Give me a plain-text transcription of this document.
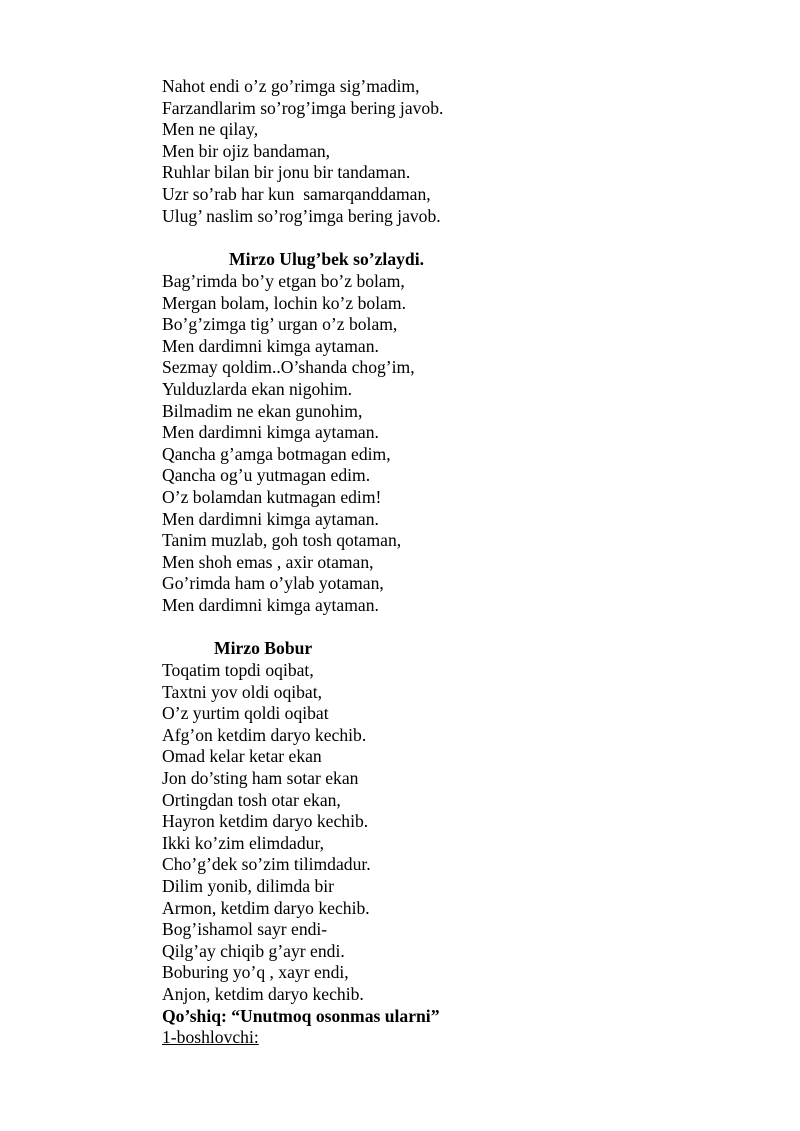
Nahot endi o’z go’rimga sig’madim,
Farzandlarim so’rog’imga bering javob.
Men ne qilay,
Men bir ojiz bandaman,
Ruhlar bilan bir jonu bir tandaman.
Uzr so’rab har kun  samarqanddaman,
Ulug’ naslim so’rog’imga bering javob.
Mirzo Ulug’bek so’zlaydi.
Bag’rimda bo’y etgan bo’z bolam,
Mergan bolam, lochin ko’z bolam.
Bo’g’zimga tig’ urgan o’z bolam,
Men dardimni kimga aytaman.
Sezmay qoldim..O’shanda chog’im,
Yulduzlarda ekan nigohim.
Bilmadim ne ekan gunohim,
Men dardimni kimga aytaman.
Qancha g’amga botmagan edim,
Qancha og’u yutmagan edim.
O’z bolamdan kutmagan edim!
Men dardimni kimga aytaman.
Tanim muzlab, goh tosh qotaman,
Men shoh emas , axir otaman,
Go’rimda ham o’ylab yotaman,
Men dardimni kimga aytaman.
Mirzo Bobur
Toqatim topdi oqibat,
Taxtni yov oldi oqibat,
O’z yurtim qoldi oqibat
Afg’on ketdim daryo kechib.
Omad kelar ketar ekan
Jon do’sting ham sotar ekan
Ortingdan tosh otar ekan,
Hayron ketdim daryo kechib.
Ikki ko’zim elimdadur,
Cho’g’dek so’zim tilimdadur.
Dilim yonib, dilimda bir
Armon, ketdim daryo kechib.
Bog’ishamol sayr endi-
Qilg’ay chiqib g’ayr endi.
Boburing yo’q , xayr endi,
Anjon, ketdim daryo kechib.
Qo’shiq: “Unutmoq osonmas ularni”
1-boshlovchi:
